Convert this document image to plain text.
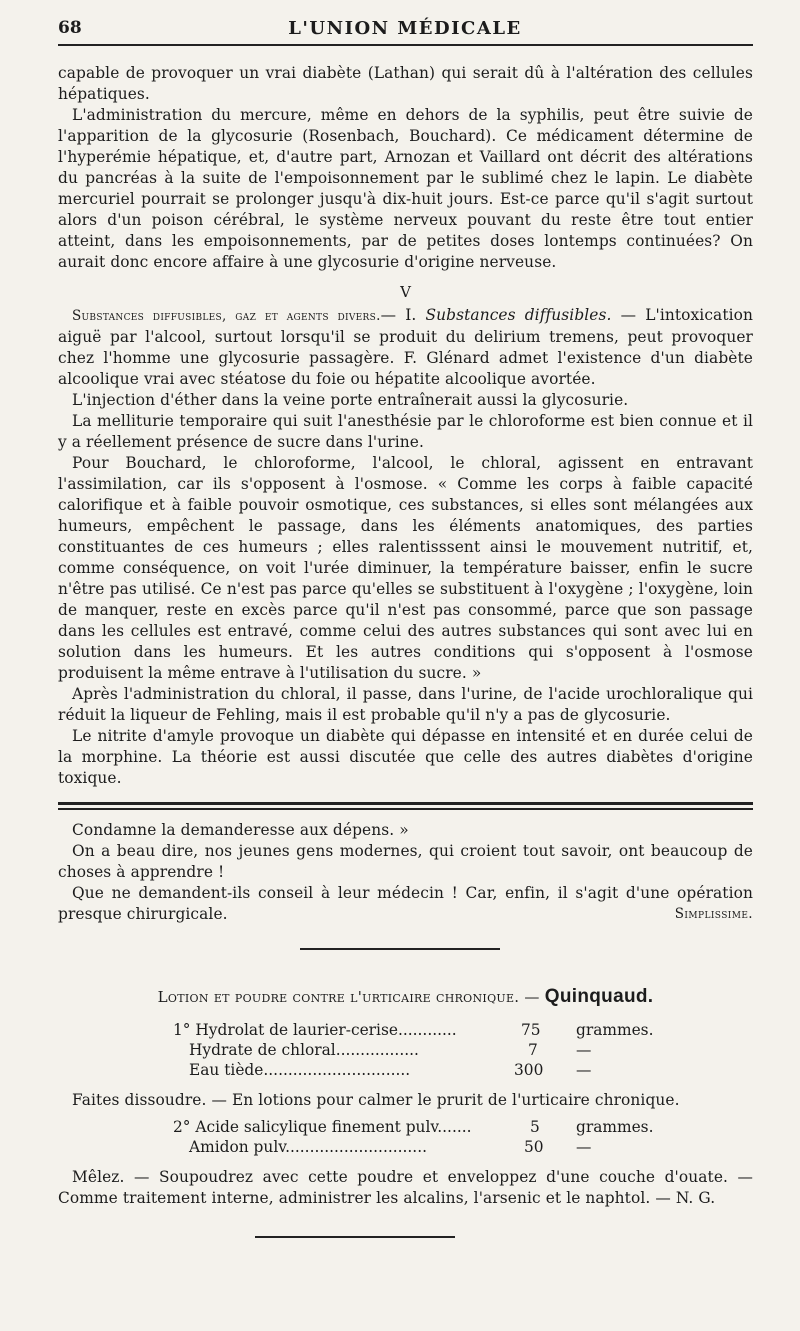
68	L'UNION MÉDICALE

capable de provoquer un vrai diabète (Lathan) qui serait dû à l'altération des cellules hépatiques.

L'administration du mercure, même en dehors de la syphilis, peut être suivie de l'apparition de la glycosurie (Rosenbach, Bouchard). Ce médicament détermine de l'hyperémie hépatique, et, d'autre part, Arnozan et Vaillard ont décrit des altérations du pancréas à la suite de l'empoisonnement par le sublimé chez le lapin. Le diabète mercuriel pourrait se prolonger jusqu'à dix-huit jours. Est-ce parce qu'il s'agit surtout alors d'un poison cérébral, le système nerveux pouvant du reste être tout entier atteint, dans les empoisonnements, par de petites doses lontemps continuées? On aurait donc encore affaire à une glycosurie d'origine nerveuse.

V

Substances diffusibles, gaz et agents divers.— I. Substances diffusibles. — L'intoxication aiguë par l'alcool, surtout lorsqu'il se produit du delirium tremens, peut provoquer chez l'homme une glycosurie passagère. F. Glénard admet l'existence d'un diabète alcoolique vrai avec stéatose du foie ou hépatite alcoolique avortée.

L'injection d'éther dans la veine porte entraînerait aussi la glycosurie.

La melliturie temporaire qui suit l'anesthésie par le chloroforme est bien connue et il y a réellement présence de sucre dans l'urine.

Pour Bouchard, le chloroforme, l'alcool, le chloral, agissent en entravant l'assimilation, car ils s'opposent à l'osmose. « Comme les corps à faible capacité calorifique et à faible pouvoir osmotique, ces substances, si elles sont mélangées aux humeurs, empêchent le passage, dans les éléments anatomiques, des parties constituantes de ces humeurs ; elles ralentisssent ainsi le mouvement nutritif, et, comme conséquence, on voit l'urée diminuer, la température baisser, enfin le sucre n'être pas utilisé. Ce n'est pas parce qu'elles se substituent à l'oxygène ; l'oxygène, loin de manquer, reste en excès parce qu'il n'est pas consommé, parce que son passage dans les cellules est entravé, comme celui des autres substances qui sont avec lui en solution dans les humeurs. Et les autres conditions qui s'opposent à l'osmose produisent la même entrave à l'utilisation du sucre. »

Après l'administration du chloral, il passe, dans l'urine, de l'acide urochloralique qui réduit la liqueur de Fehling, mais il est probable qu'il n'y a pas de glycosurie.

Le nitrite d'amyle provoque un diabète qui dépasse en intensité et en durée celui de la morphine. La théorie est aussi discutée que celle des autres diabètes d'origine toxique.

Condamne la demanderesse aux dépens. »

On a beau dire, nos jeunes gens modernes, qui croient tout savoir, ont beaucoup de choses à apprendre !

Que ne demandent-ils conseil à leur médecin ! Car, enfin, il s'agit d'une opération presque chirurgicale.	Simplissime.

Lotion et poudre contre l'urticaire chronique. — Quinquaud.
1° Hydrolat de laurier-cerise............	75 grammes.
Hydrate de chloral.................	7 —
Eau tiède..............................	300 —

Faites dissoudre. — En lotions pour calmer le prurit de l'urticaire chronique.

2° Acide salicylique finement pulv.......	5 grammes.
Amidon pulv.............................	50 —

Mêlez. — Soupoudrez avec cette poudre et enveloppez d'une couche d'ouate. — Comme traitement interne, administrer les alcalins, l'arsenic et le naphtol. — N. G.
